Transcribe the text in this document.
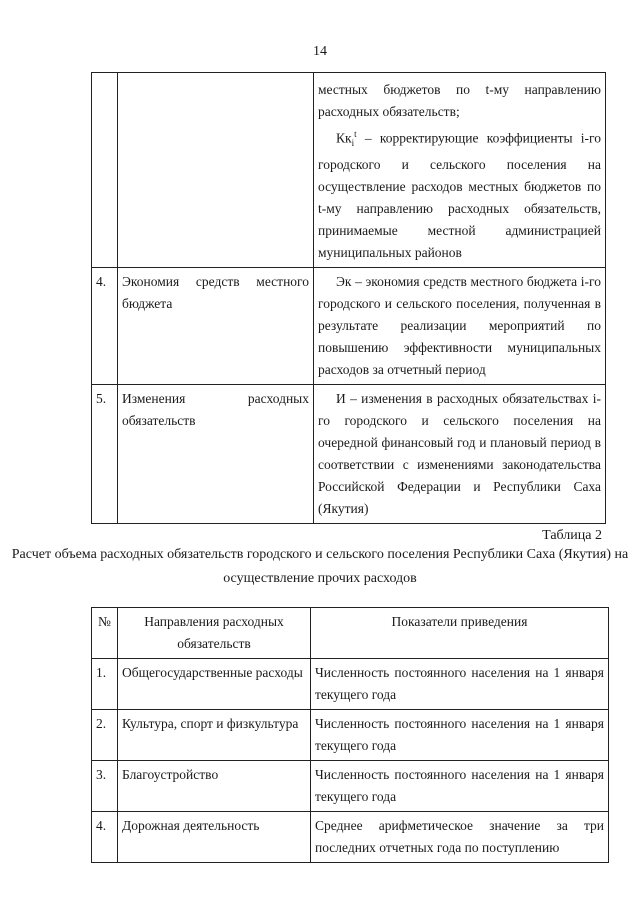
14

		местных бюджетов по t-му направлению расходных обязательств;
$Кк_i^t$ – корректирующие коэффициенты i-го городского и сельского поселения на осуществление расходов местных бюджетов по t-му направлению расходных обязательств, принимаемые местной администрацией муниципальных районов

4.	Экономия средств местного бюджета	Эк – экономия средств местного бюджета i-го городского и сельского поселения, полученная в результате реализации мероприятий по повышению эффективности муниципальных расходов за отчетный период
5.	Изменения расходных обязательств	И – изменения в расходных обязательствах i-го городского и сельского поселения на очередной финансовый год и плановый период в соответствии с изменениями законодательства Российской Федерации и Республики Саха (Якутия)
Таблица 2
Расчет объема расходных обязательств городского и сельского поселения Республики Саха (Якутия) на осуществление прочих расходов
№	Направления расходных обязательств	Показатели приведения
1.	Общегосударственные расходы	Численность постоянного населения на 1 января текущего года
2.	Культура, спорт и физкультура	Численность постоянного населения на 1 января текущего года
3.	Благоустройство	Численность постоянного населения на 1 января текущего года
4.	Дорожная деятельность	Среднее арифметическое значение за три последних отчетных года по поступлению
